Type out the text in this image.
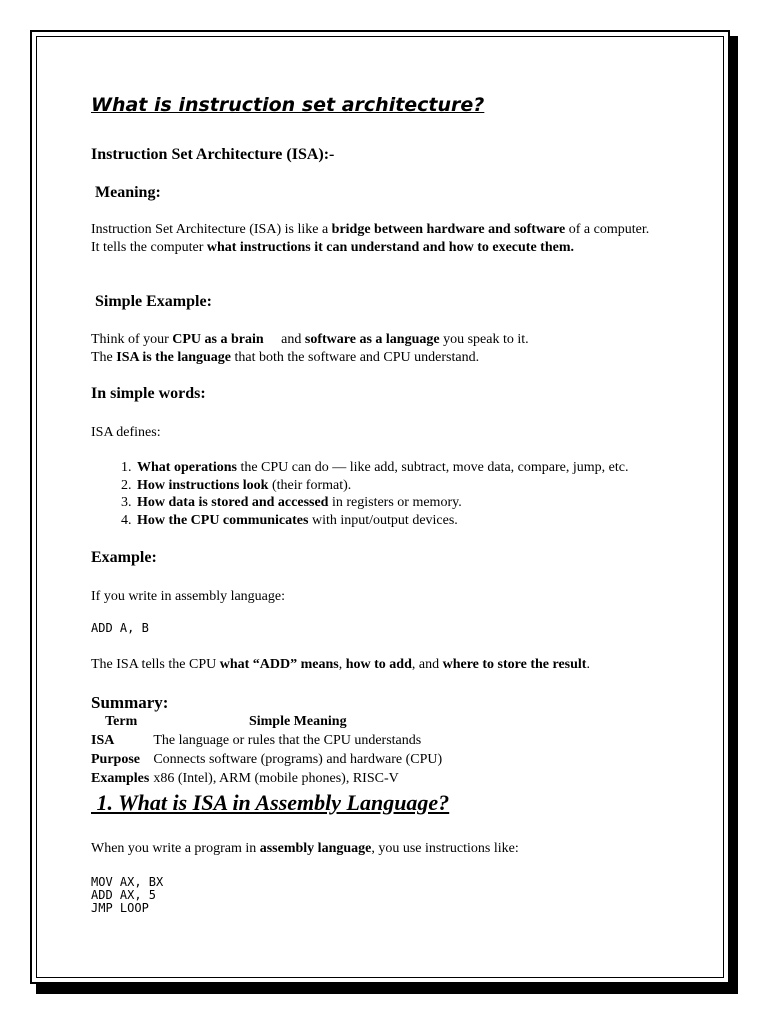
What is instruction set architecture?
Instruction Set Architecture (ISA):-
Meaning:

Instruction Set Architecture (ISA) is like a bridge between hardware and software of a computer. It tells the computer what instructions it can understand and how to execute them.

Simple Example:

Think of your CPU as a brain     and software as a language you speak to it.

The ISA is the language that both the software and CPU understand.

In simple words:

ISA defines:

1. What operations the CPU can do — like add, subtract, move data, compare, jump, etc.
2. How instructions look (their format).
3. How data is stored and accessed in registers or memory.
4. How the CPU communicates with input/output devices.
Example:

If you write in assembly language:

ADD A, B

The ISA tells the CPU what “ADD” means, how to add, and where to store the result.

Summary:
Term	Simple Meaning
ISA	The language or rules that the CPU understands
Purpose	Connects software (programs) and hardware (CPU)
Examples	x86 (Intel), ARM (mobile phones), RISC-V
1. What is ISA in Assembly Language?

When you write a program in assembly language, you use instructions like:

MOV AX, BX
ADD AX, 5
JMP LOOP
